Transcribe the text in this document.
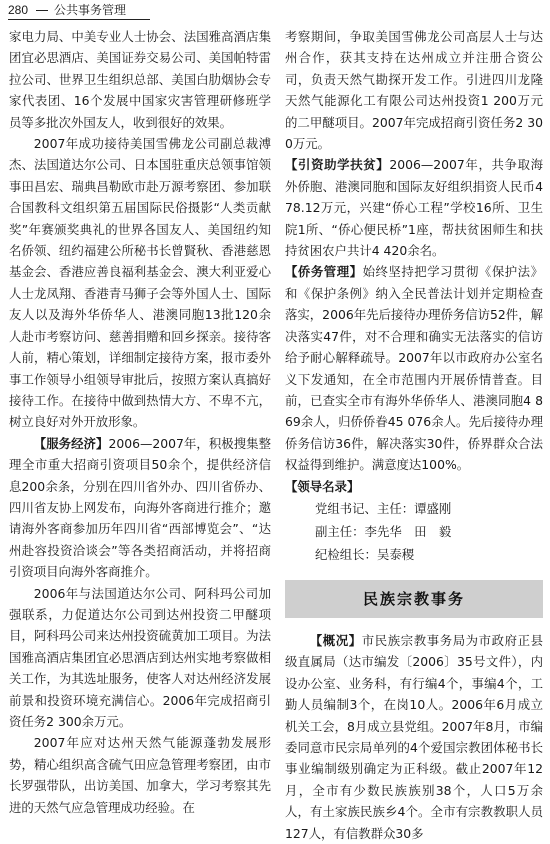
280 公共事务管理

家电力局、中美专业人士协会、法国雅高酒店集团宜必思酒店、美国证券交易公司、美国帕特雷拉公司、世界卫生组织总部、美国白肋烟协会专家代表团、16个发展中国家灾害管理研修班学员等多批次外国友人，收到很好的效果。

2007年成功接待美国雪佛龙公司副总裁溥杰、法国道达尔公司、日本国驻重庆总领事馆领事田昌宏、瑞典昌勒欧市赴万源考察团、参加联合国教科文组织第五届国际民俗摄影“人类贡献奖”年赛颁奖典礼的世界各国友人、美国纽约知名侨领、纽约福建公所秘书长曾賢秋、香港慈恩基金会、香港应善良福利基金会、澳大利亚爱心人士龙凤翔、香港青马狮子会等外国人士、国际友人以及海外华侨华人、港澳同胞13批120余人赴市考察访问、慈善捐赠和回乡探亲。接待客人前，精心策划，详细制定接待方案，报市委外事工作领导小组领导审批后，按照方案认真搞好接待工作。在接待中做到热情大方、不卑不亢，树立良好对外开放形象。

【服务经济】2006—2007年，积极搜集整理全市重大招商引资项目50余个，提供经济信息200余条，分别在四川省外办、四川省侨办、四川省友协上网发布，向海外客商进行推介；邀请海外客商参加历年四川省“西部博览会”、“达州赴容投资洽谈会”等各类招商活动，并将招商引资项目向海外客商推介。

2006年与法国道达尔公司、阿科玛公司加强联系，力促道达尔公司到达州投资二甲醚项目，阿科玛公司来达州投资硫黄加工项目。为法国雅高酒店集团宜必思酒店到达州实地考察做相关工作，为其选址服务，使客人对达州经济发展前景和投资环境充满信心。2006年完成招商引资任务2 300余万元。

2007年应对达州天然气能源蓬勃发展形势，精心组织高含硫气田应急管理考察团，由市长罗强带队，出访美国、加拿大，学习考察其先进的天然气应急管理成功经验。在

考察期间，争取美国雪佛龙公司高层人士与达州合作，获其支持在达州成立并注册合资公司，负责天然气勘探开发工作。引进四川龙隆天然气能源化工有限公司达州投资1 200万元的二甲醚项目。2007年完成招商引资任务2 300万元。

【引资助学扶贫】2006—2007年，共争取海外侨胞、港澳同胞和国际友好组织捐资人民币478.12万元，兴建“侨心工程”学校16所、卫生院1所、“侨心便民桥”1座，帮扶贫困师生和扶持贫困农户共计4 420余名。

【侨务管理】始终坚持把学习贯彻《保护法》和《保护条例》纳入全民普法计划并定期检查落实，2006年先后接待办理侨务信访52件，解决落实47件，对不合理和确实无法落实的信访给予耐心解释疏导。2007年以市政府办公室名义下发通知，在全市范围内开展侨情普查。目前，已查实全市有海外华侨华人、港澳同胞4 869余人，归侨侨眷45 076余人。先后接待办理侨务信访36件，解决落实30件，侨界群众合法权益得到维护。满意度达100%。

【领导名录】

党组书记、主任：谭盛刚

副主任：李先华　田　毅

纪检组长：吴泰稷

民族宗教事务

【概况】市民族宗教事务局为市政府正县级直属局（达市编发〔2006〕35号文件），内设办公室、业务科，有行编4个，事编4个，工勤人员编制3个，在岗10人。2006年6月成立机关工会，8月成立县党组。2007年8月，市编委同意市民宗局单列的4个爱国宗教团体秘书长事业编制级别确定为正科级。截止2007年12月，全市有少数民族族别38个，人口5万余人，有土家族民族乡4个。全市有宗教教职人员127人，有信教群众30多
